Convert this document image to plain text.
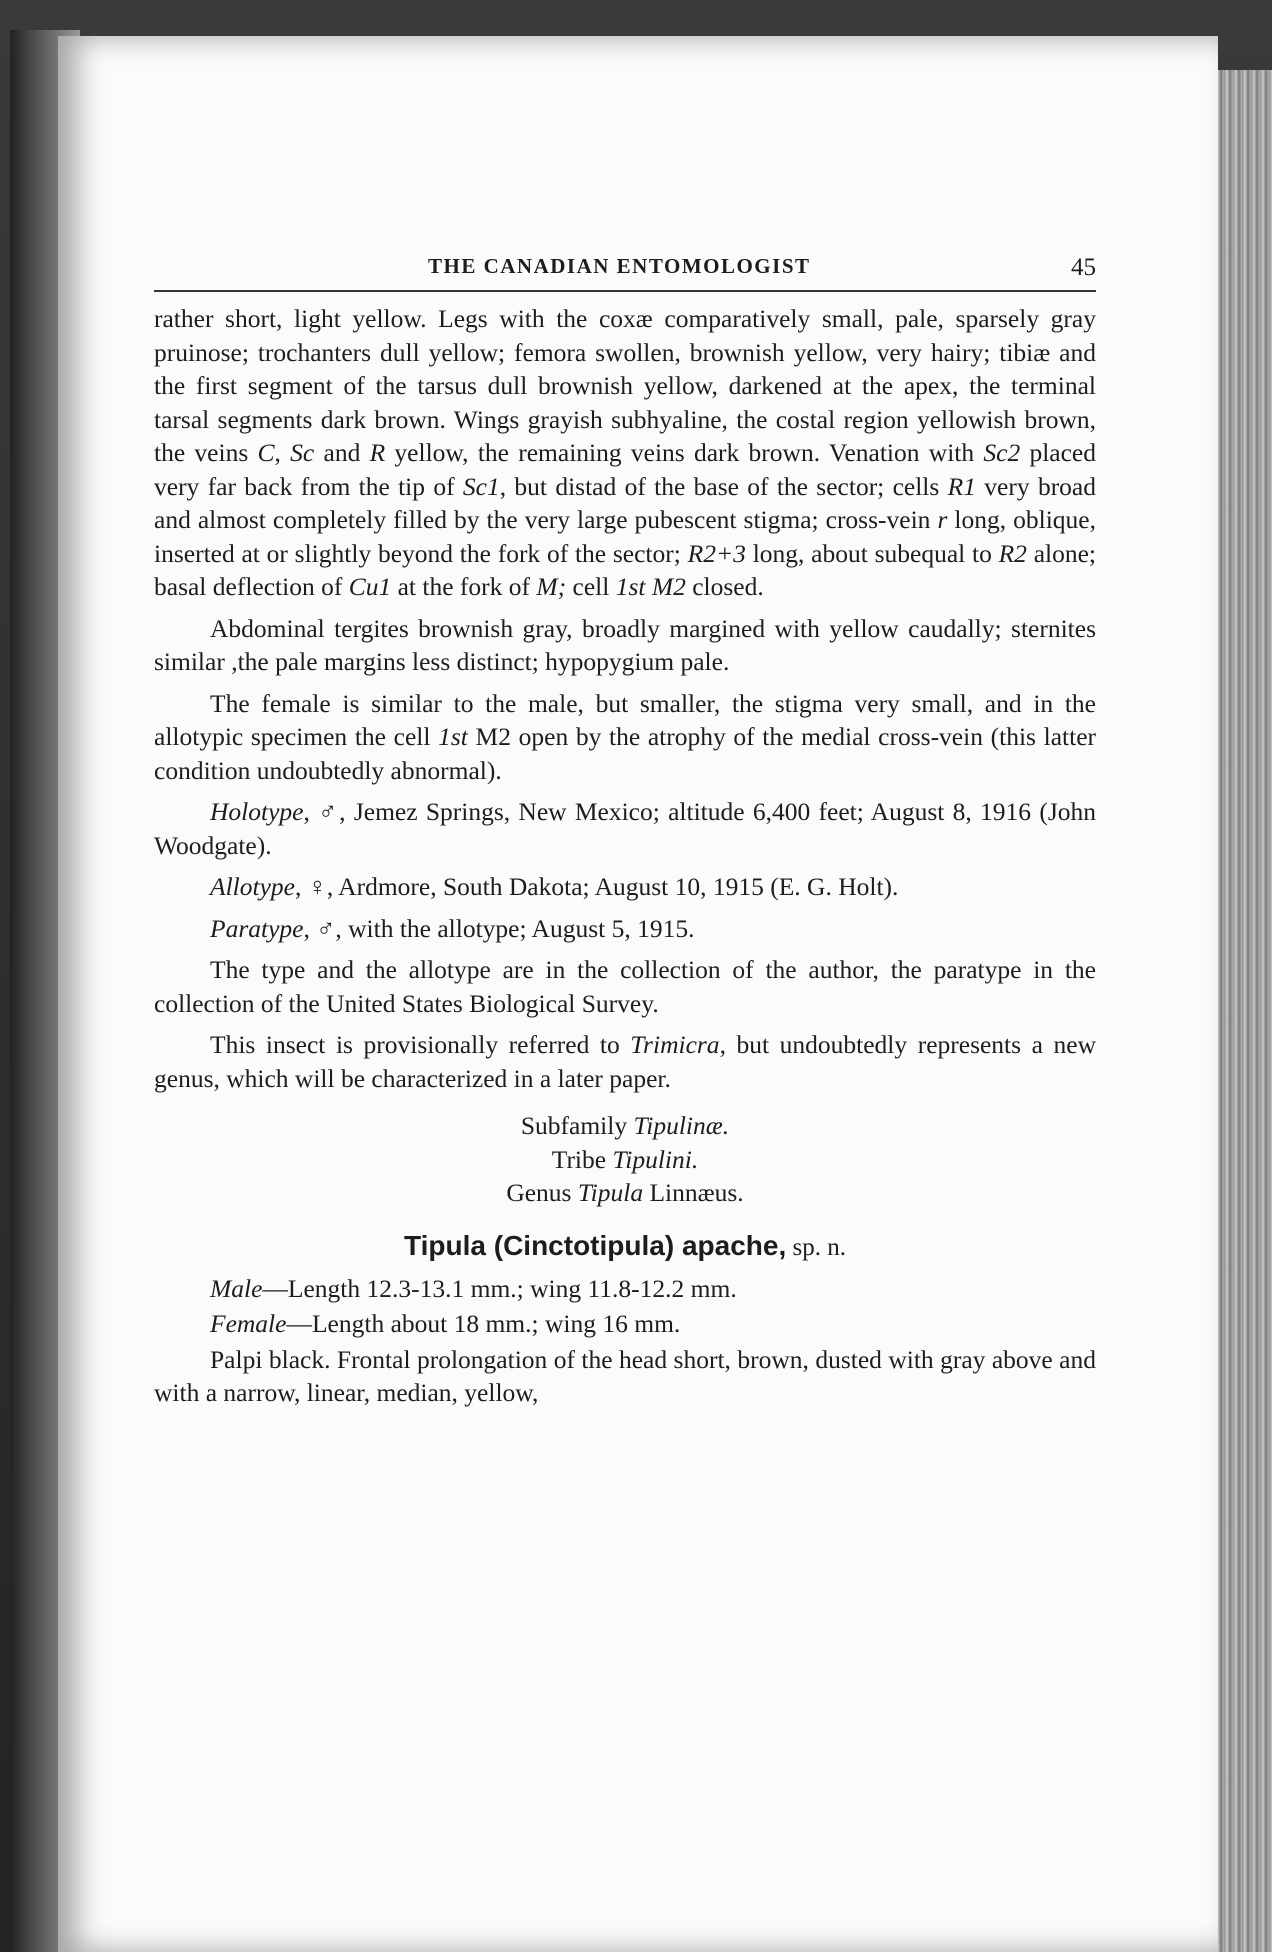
THE CANADIAN ENTOMOLOGIST	45

rather short, light yellow. Legs with the coxæ comparatively small, pale, sparsely gray pruinose; trochanters dull yellow; femora swollen, brownish yellow, very hairy; tibiæ and the first segment of the tarsus dull brownish yellow, darkened at the apex, the terminal tarsal segments dark brown. Wings grayish subhyaline, the costal region yellowish brown, the veins C, Sc and R yellow, the remaining veins dark brown. Venation with Sc2 placed very far back from the tip of Sc1, but distad of the base of the sector; cells R1 very broad and almost completely filled by the very large pubescent stigma; cross-vein r long, oblique, inserted at or slightly beyond the fork of the sector; R2+3 long, about subequal to R2 alone; basal deflection of Cu1 at the fork of M; cell 1st M2 closed.

Abdominal tergites brownish gray, broadly margined with yellow caudally; sternites similar ,the pale margins less distinct; hypopygium pale.

The female is similar to the male, but smaller, the stigma very small, and in the allotypic specimen the cell 1st M2 open by the atrophy of the medial cross-vein (this latter condition undoubtedly abnormal).

Holotype, ♂, Jemez Springs, New Mexico; altitude 6,400 feet; August 8, 1916 (John Woodgate).

Allotype, ♀, Ardmore, South Dakota; August 10, 1915 (E. G. Holt).

Paratype, ♂, with the allotype; August 5, 1915.

The type and the allotype are in the collection of the author, the paratype in the collection of the United States Biological Survey.

This insect is provisionally referred to Trimicra, but undoubtedly represents a new genus, which will be characterized in a later paper.

Subfamily Tipulinæ.
Tribe Tipulini.
Genus Tipula Linnæus.
Tipula (Cinctotipula) apache, sp. n.

Male—Length 12.3-13.1 mm.; wing 11.8-12.2 mm.

Female—Length about 18 mm.; wing 16 mm.

Palpi black. Frontal prolongation of the head short, brown, dusted with gray above and with a narrow, linear, median, yellow,
